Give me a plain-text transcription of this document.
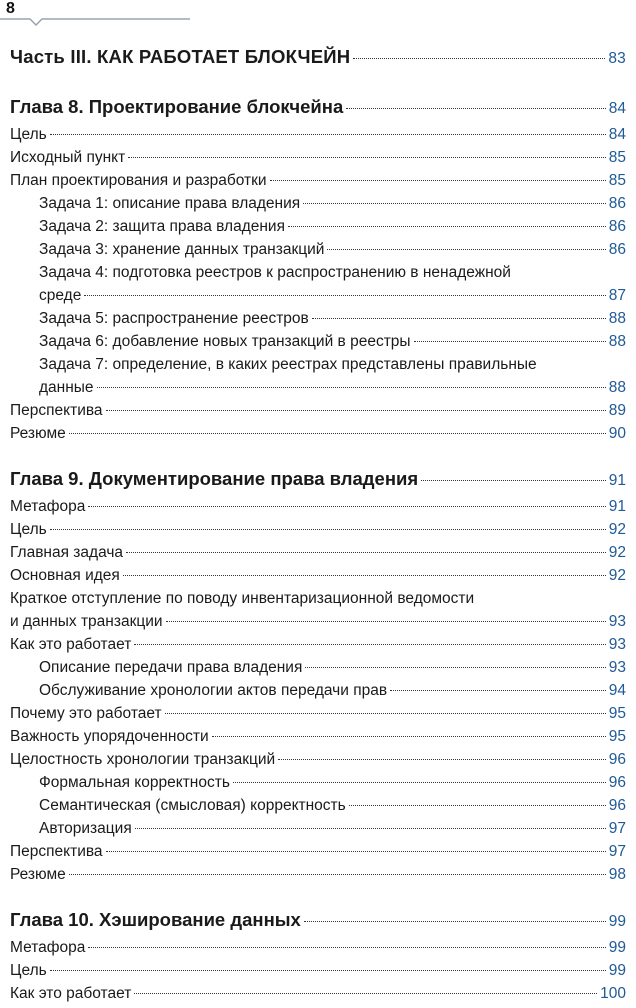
8
Часть III. КАК РАБОТАЕТ БЛОКЧЕЙН	83
Глава 8. Проектирование блокчейна	84
Цель	84
Исходный пункт	85
План проектирования и разработки	85
Задача 1: описание права владения	86
Задача 2: защита права владения	86
Задача 3: хранение данных транзакций	86
Задача 4: подготовка реестров к распространению в ненадежной
среде	87
Задача 5: распространение реестров	88
Задача 6: добавление новых транзакций в реестры	88
Задача 7: определение, в каких реестрах представлены правильные
данные	88
Перспектива	89
Резюме	90
Глава 9. Документирование права владения	91
Метафора	91
Цель	92
Главная задача	92
Основная идея	92
Краткое отступление по поводу инвентаризационной ведомости
и данных транзакции	93
Как это работает	93
Описание передачи права владения	93
Обслуживание хронологии актов передачи прав	94
Почему это работает	95
Важность упорядоченности	95
Целостность хронологии транзакций	96
Формальная корректность	96
Семантическая (смысловая) корректность	96
Авторизация	97
Перспектива	97
Резюме	98
Глава 10. Хэширование данных	99
Метафора	99
Цель	99
Как это работает	100
